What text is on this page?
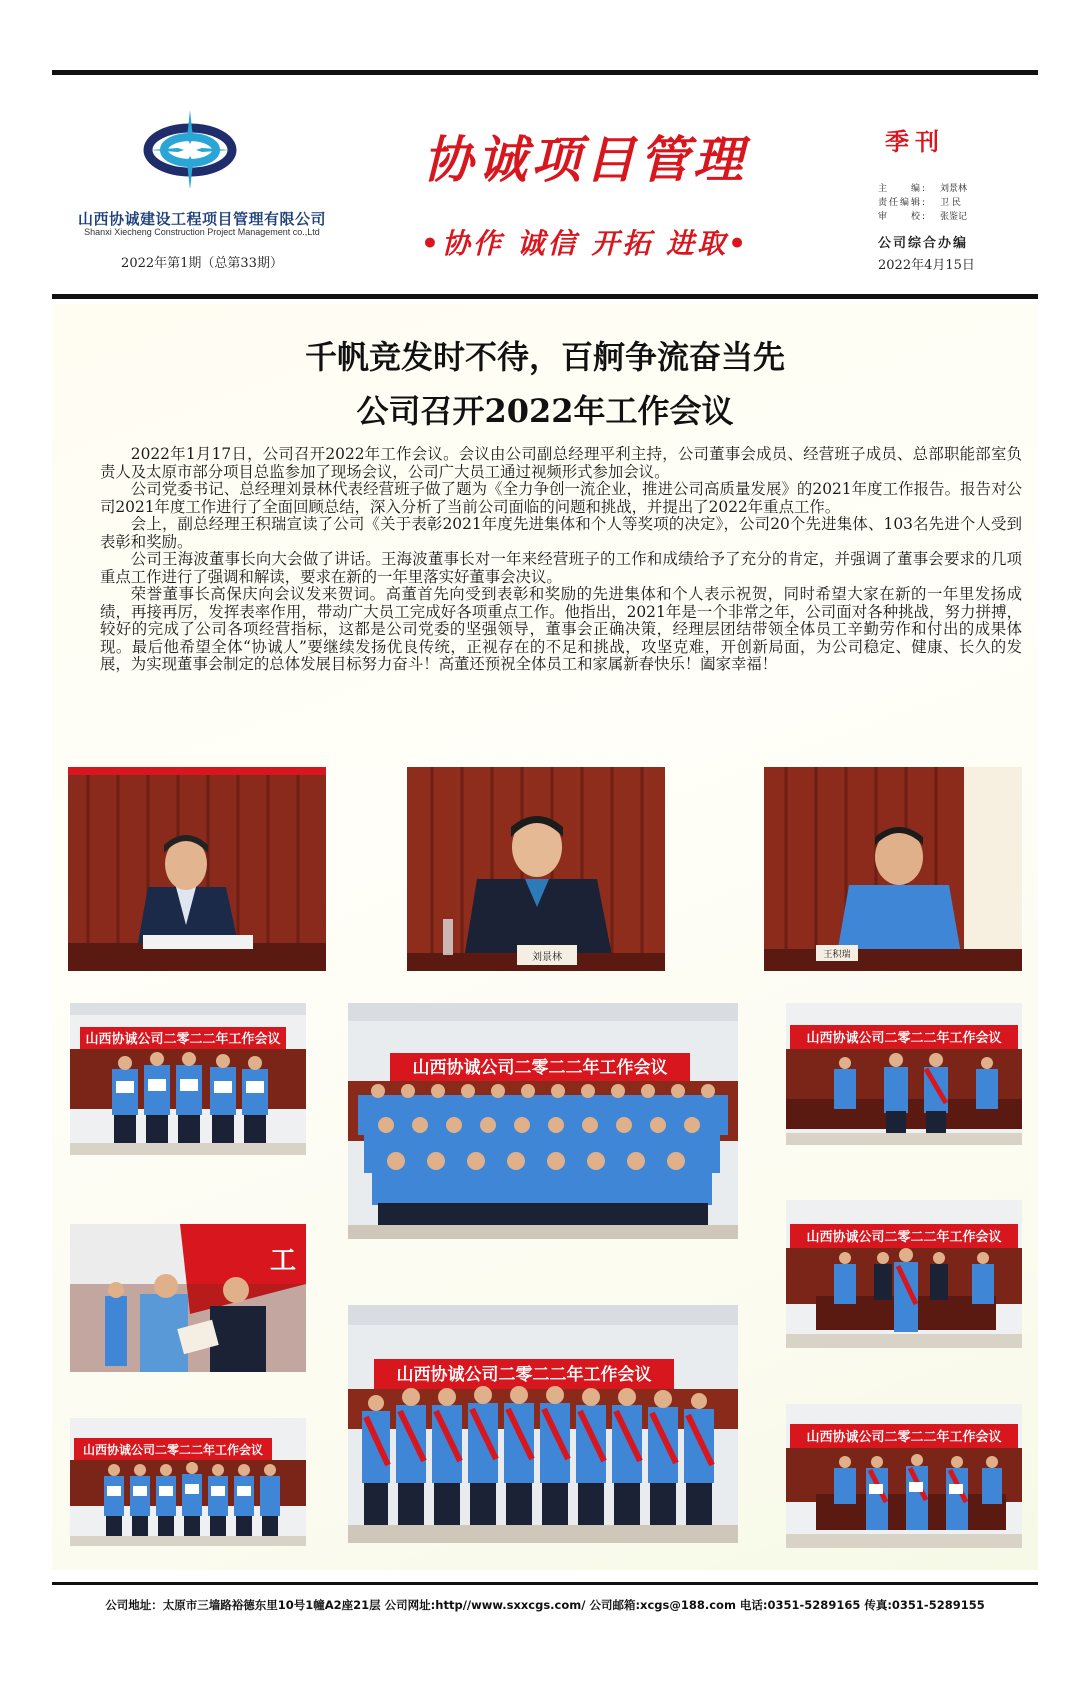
山西协诚建设工程项目管理有限公司
Shanxi Xiecheng Construction Project Management co.,Ltd
2022年第1期（总第33期）
协诚项目管理
•协作 诚信 开拓 进取•
季刊
主　　编:	刘景林
责任编辑:	卫 民
审　　校:	张鉴记
公司综合办编
2022年4月15日
千帆竞发时不待，百舸争流奋当先
公司召开2022年工作会议

2022年1月17日，公司召开2022年工作会议。会议由公司副总经理平利主持，公司董事会成员、经营班子成员、总部职能部室负责人及太原市部分项目总监参加了现场会议，公司广大员工通过视频形式参加会议。

公司党委书记、总经理刘景林代表经营班子做了题为《全力争创一流企业，推进公司高质量发展》的2021年度工作报告。报告对公司2021年度工作进行了全面回顾总结，深入分析了当前公司面临的问题和挑战，并提出了2022年重点工作。

会上，副总经理王积瑞宣读了公司《关于表彰2021年度先进集体和个人等奖项的决定》，公司20个先进集体、103名先进个人受到表彰和奖励。

公司王海波董事长向大会做了讲话。王海波董事长对一年来经营班子的工作和成绩给予了充分的肯定，并强调了董事会要求的几项重点工作进行了强调和解读，要求在新的一年里落实好董事会决议。

荣誉董事长高保庆向会议发来贺词。高董首先向受到表彰和奖励的先进集体和个人表示祝贺，同时希望大家在新的一年里发扬成绩，再接再厉，发挥表率作用，带动广大员工完成好各项重点工作。他指出，2021年是一个非常之年，公司面对各种挑战，努力拼搏，较好的完成了公司各项经营指标，这都是公司党委的坚强领导，董事会正确决策，经理层团结带领全体员工辛勤劳作和付出的成果体现。最后他希望全体“协诚人”要继续发扬优良传统，正视存在的不足和挑战，攻坚克难，开创新局面，为公司稳定、健康、长久的发展，为实现董事会制定的总体发展目标努力奋斗！高董还预祝全体员工和家属新春快乐！阖家幸福！

刘景林	王积瑞
山西协诚公司二零二二年工作会议
山西协诚公司二零二二年工作会议
山西协诚公司二零二二年工作会议
工
山西协诚公司二零二二年工作会议
山西协诚公司二零二二年工作会议
山西协诚公司二零二二年工作会议
山西协诚公司二零二二年工作会议
公司地址：太原市三墙路裕德东里10号1幢A2座21层 公司网址:http//www.sxxcgs.com/ 公司邮箱:xcgs@188.com 电话:0351-5289165 传真:0351-5289155
